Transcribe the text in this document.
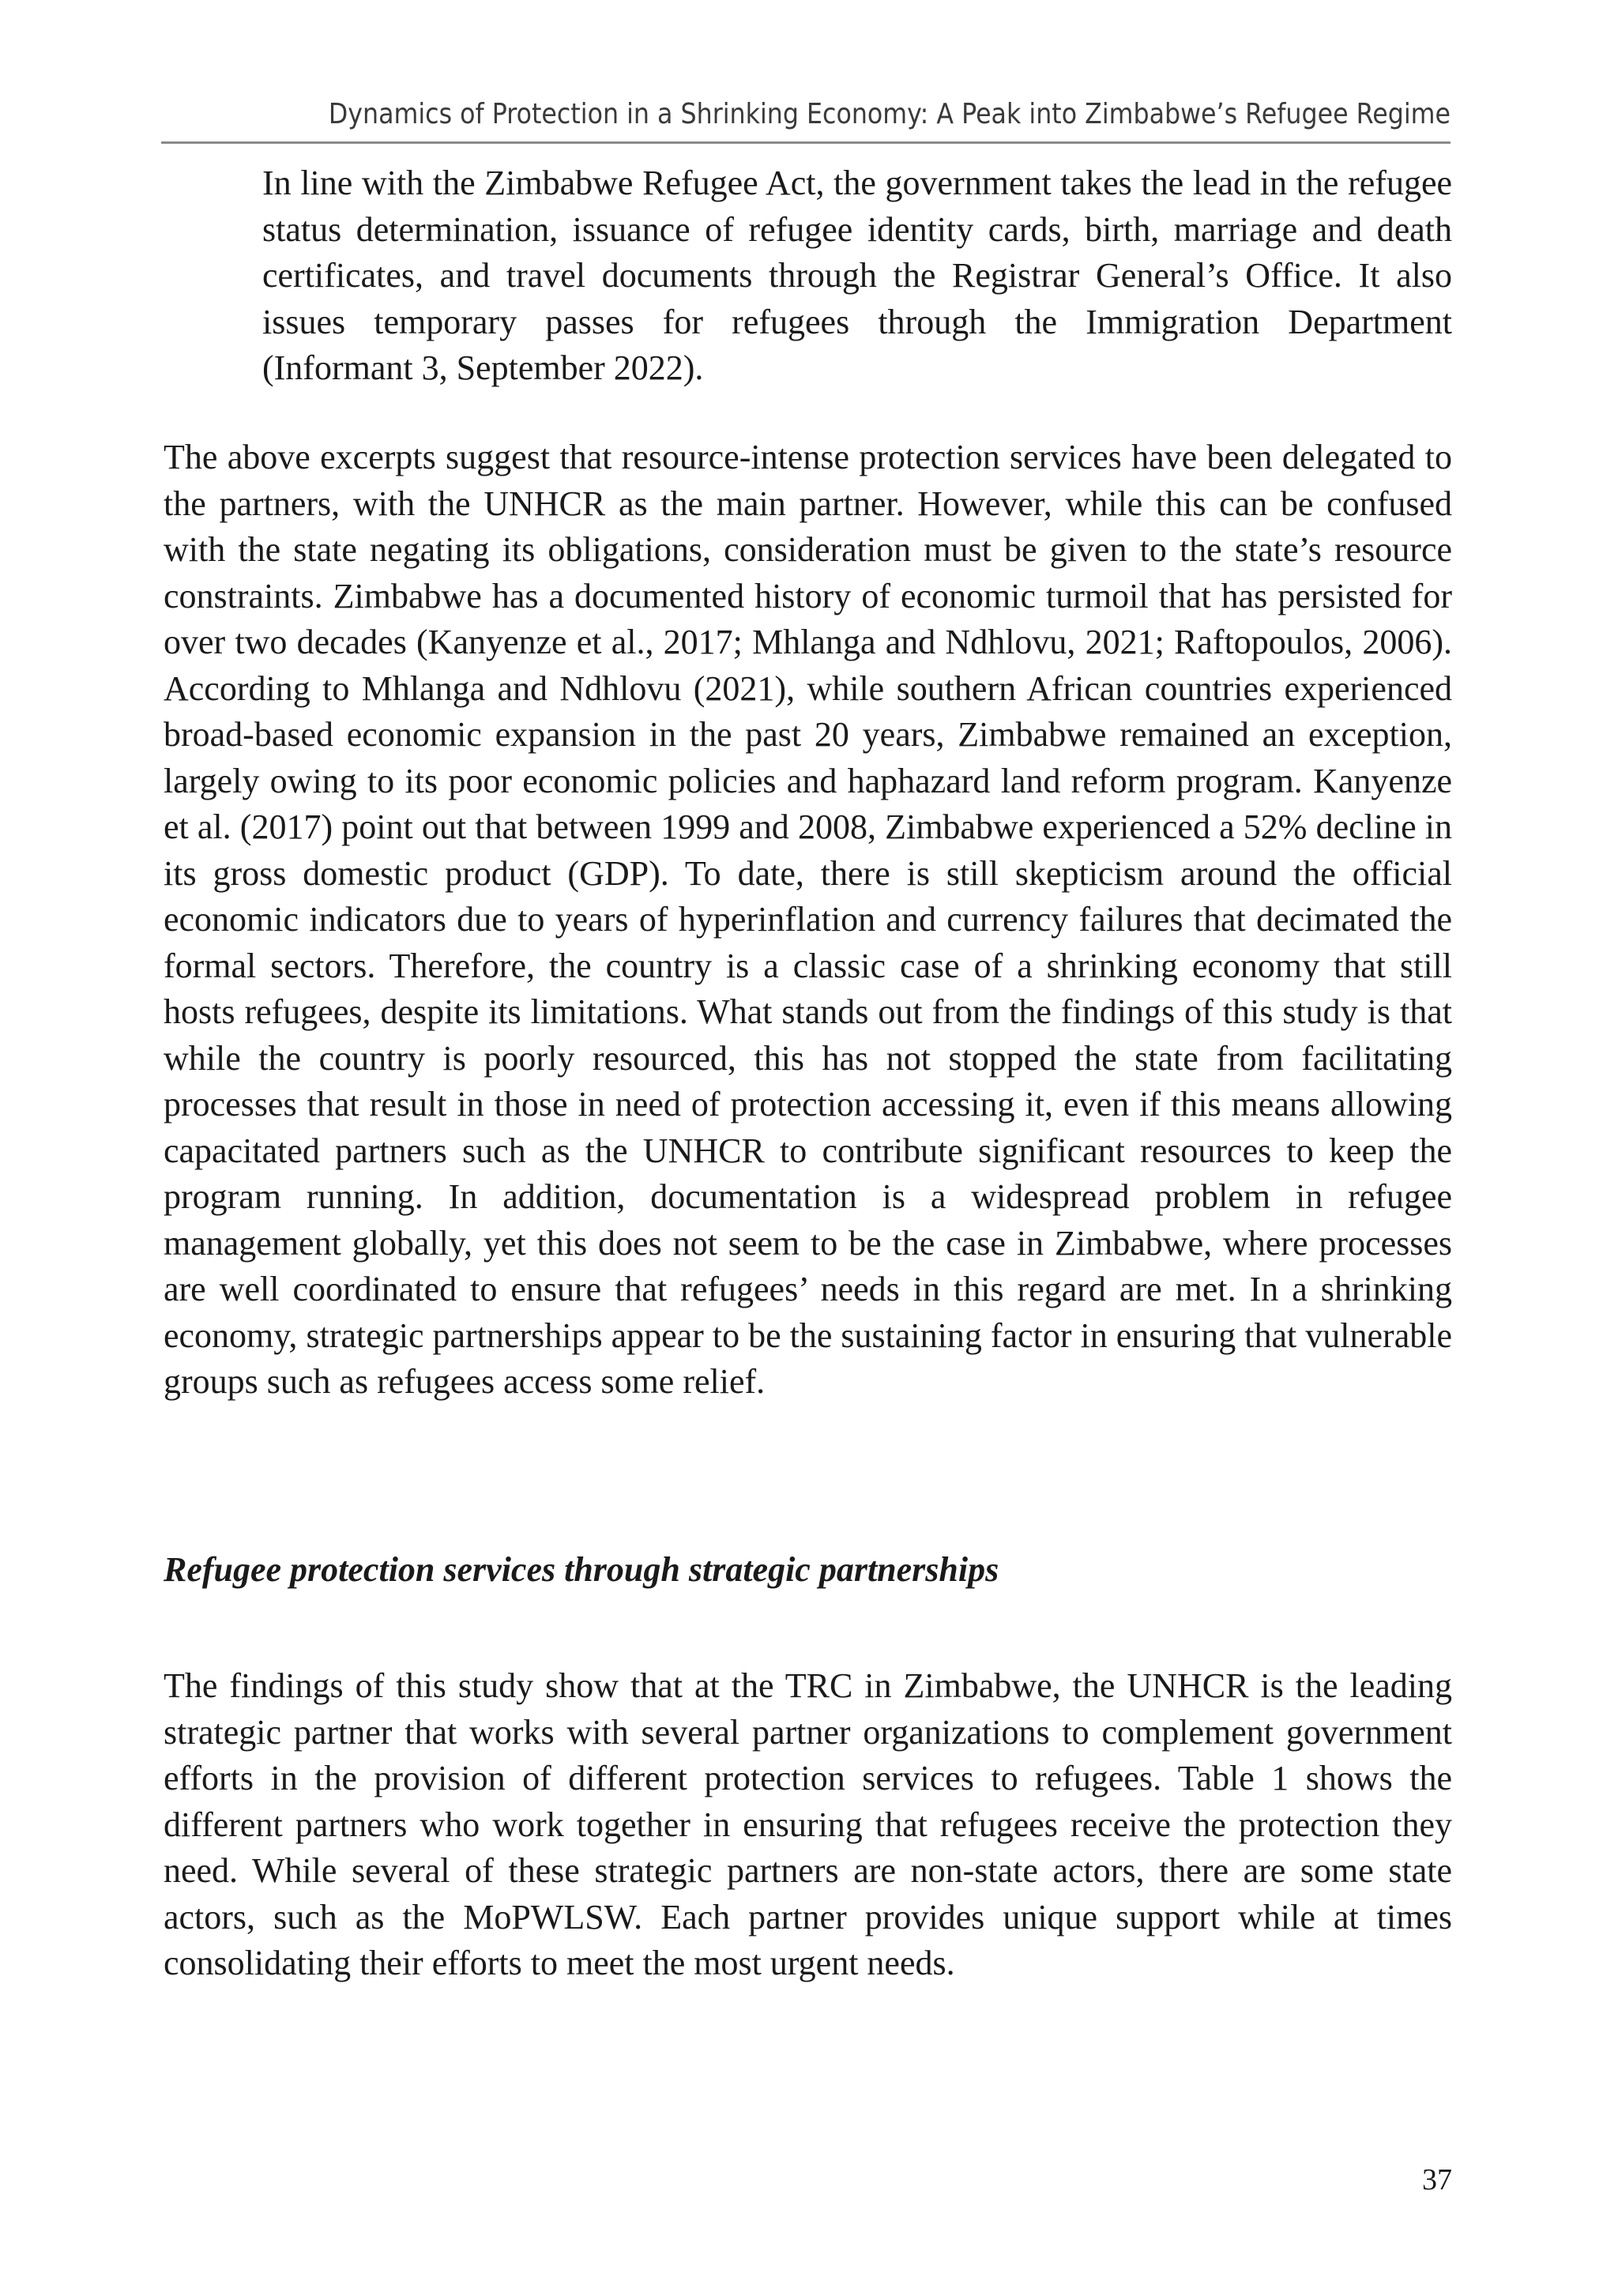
Dynamics of Protection in a Shrinking Economy: A Peak into Zimbabwe’s Refugee Regime

In line with the Zimbabwe Refugee Act, the government takes the lead in the refugee status determination, issuance of refugee identity cards, birth, marriage and death certificates, and travel documents through the Registrar General’s Office. It also issues temporary passes for refugees through the Immigration Department (Informant 3, September 2022).

The above excerpts suggest that resource-intense protection services have been delegated to the partners, with the UNHCR as the main partner. However, while this can be confused with the state negating its obligations, consideration must be given to the state’s resource constraints. Zimbabwe has a documented history of economic turmoil that has persisted for over two decades (Kanyenze et al., 2017; Mhlanga and Ndhlovu, 2021; Raftopoulos, 2006). According to Mhlanga and Ndhlovu (2021), while southern African countries experienced broad-based economic expansion in the past 20 years, Zimbabwe remained an exception, largely owing to its poor economic policies and haphazard land reform program. Kanyenze et al. (2017) point out that between 1999 and 2008, Zimbabwe experienced a 52% decline in its gross domestic product (GDP). To date, there is still skepticism around the official economic indicators due to years of hyperinflation and currency failures that decimated the formal sectors. Therefore, the country is a classic case of a shrinking economy that still hosts refugees, despite its limitations. What stands out from the findings of this study is that while the country is poorly resourced, this has not stopped the state from facilitating processes that result in those in need of protection accessing it, even if this means allowing capacitated partners such as the UNHCR to contribute significant resources to keep the program running. In addition, documentation is a widespread problem in refugee management globally, yet this does not seem to be the case in Zimbabwe, where processes are well coordinated to ensure that refugees’ needs in this regard are met. In a shrinking economy, strategic partnerships appear to be the sustaining factor in ensuring that vulnerable groups such as refugees access some relief.

Refugee protection services through strategic partnerships

The findings of this study show that at the TRC in Zimbabwe, the UNHCR is the leading strategic partner that works with several partner organizations to complement government efforts in the provision of different protection services to refugees. Table 1 shows the different partners who work together in ensuring that refugees receive the protection they need. While several of these strategic partners are non-state actors, there are some state actors, such as the MoPWLSW. Each partner provides unique support while at times consolidating their efforts to meet the most urgent needs.

37
